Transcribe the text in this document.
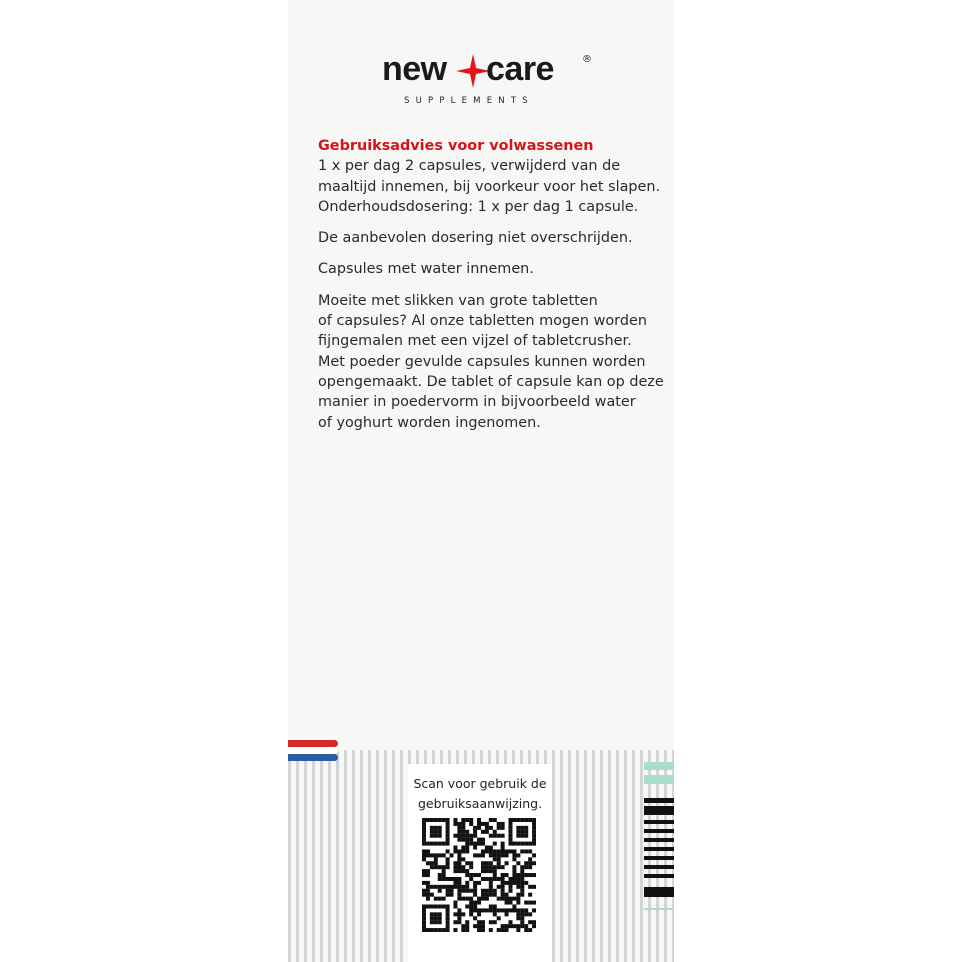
new care	®
SUPPLEMENTS
Gebruiksadvies voor volwassenen

1 x per dag 2 capsules, verwijderd van de
maaltijd innemen, bij voorkeur voor het slapen.
Onderhoudsdosering: 1 x per dag 1 capsule.

De aanbevolen dosering niet overschrijden.

Capsules met water innemen.

Moeite met slikken van grote tabletten
of capsules? Al onze tabletten mogen worden
fijngemalen met een vijzel of tabletcrusher.
Met poeder gevulde capsules kunnen worden
opengemaakt. De tablet of capsule kan op deze
manier in poedervorm in bijvoorbeeld water
of yoghurt worden ingenomen.

Scan voor gebruik de
gebruiksaanwijzing.
